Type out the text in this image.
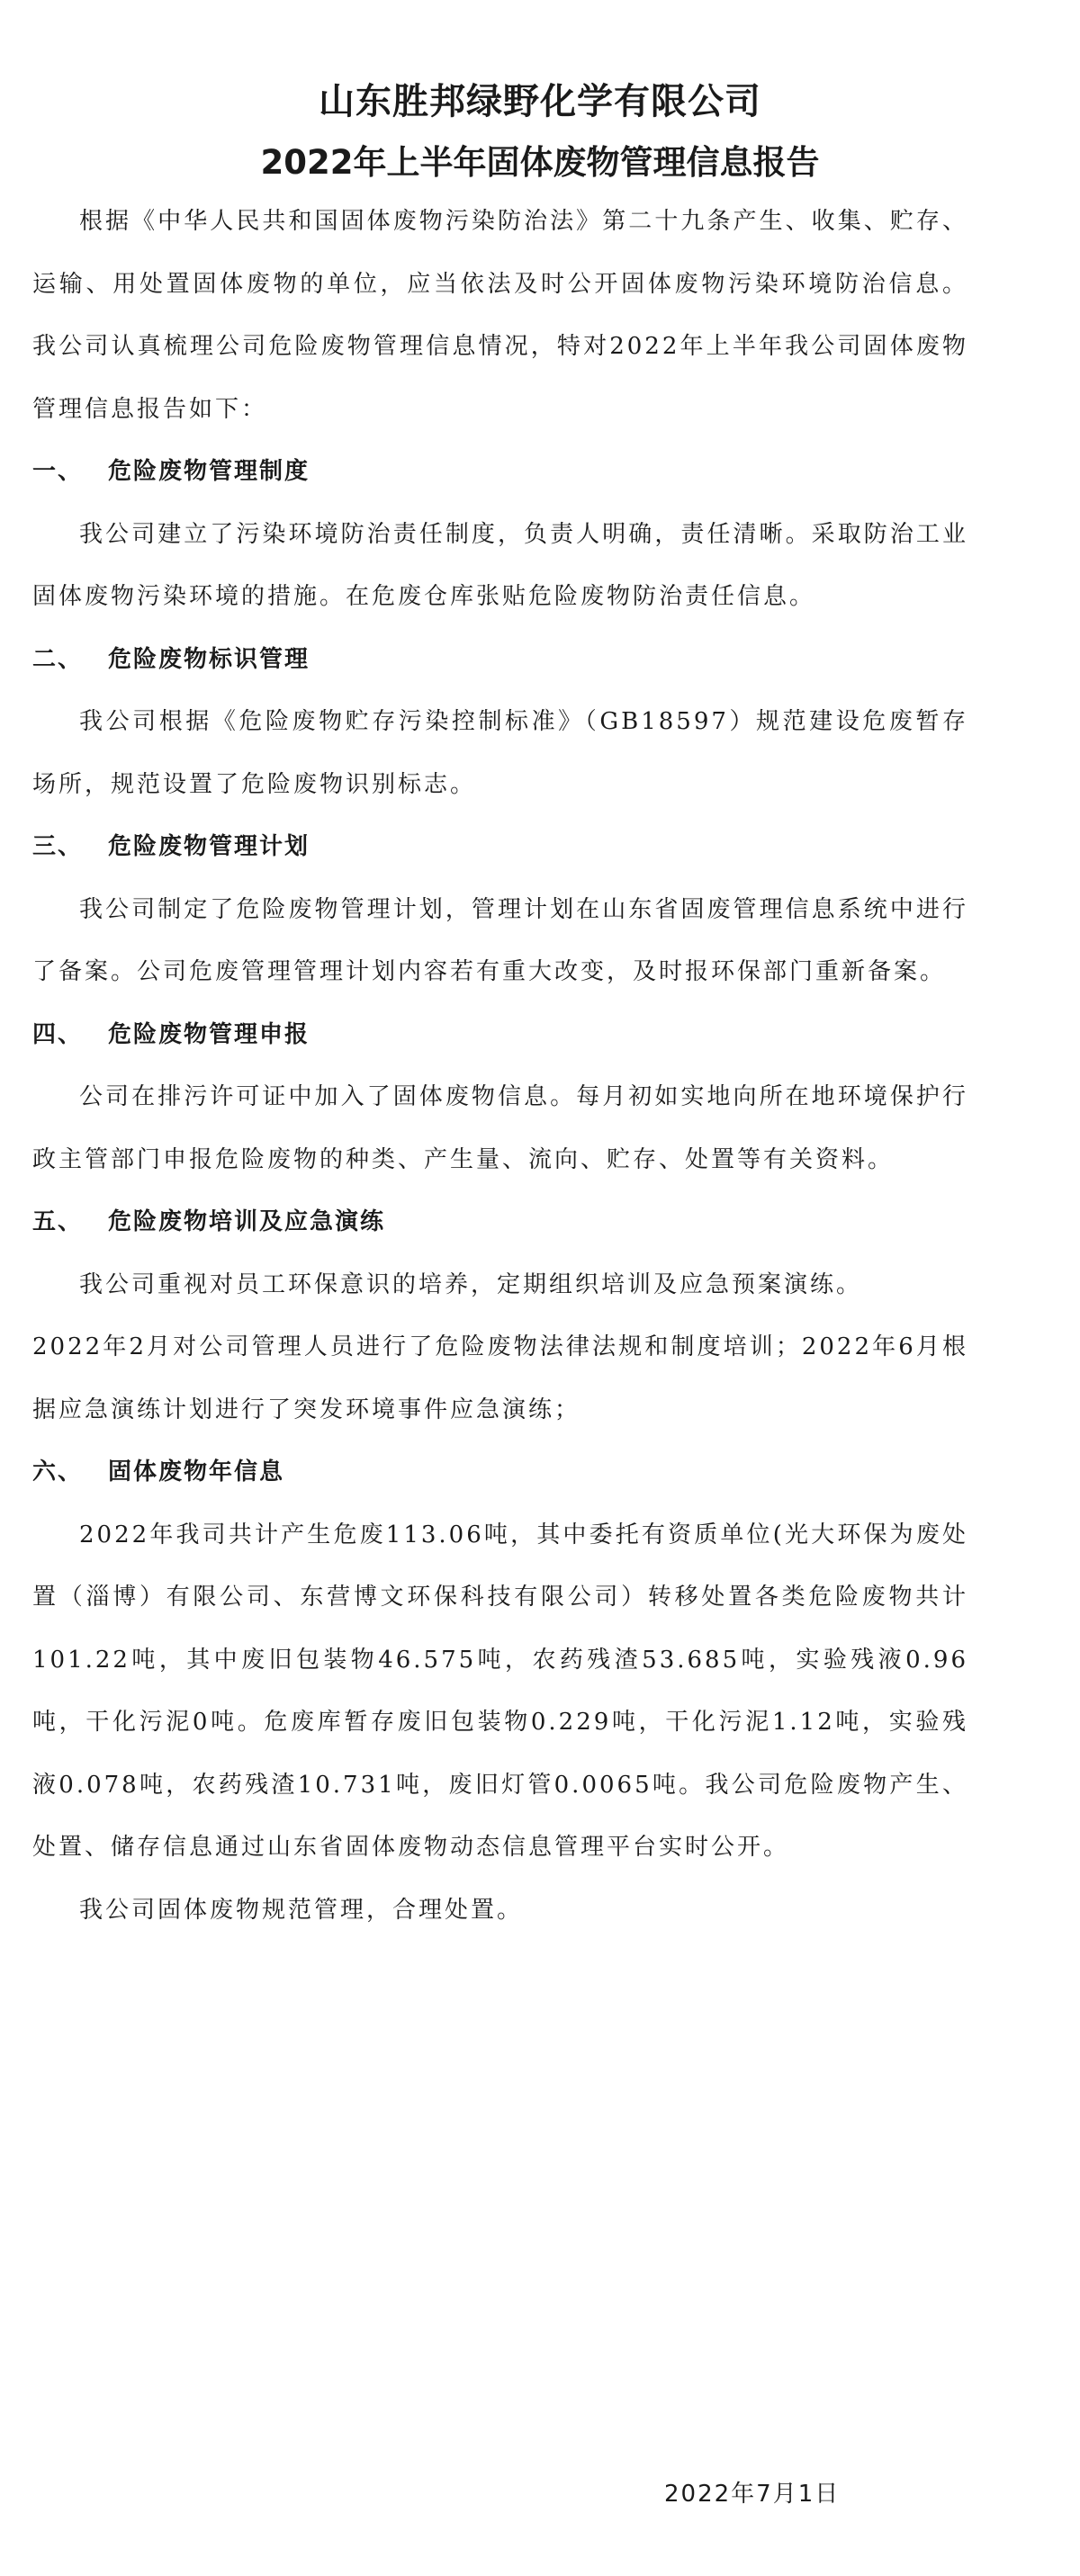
山东胜邦绿野化学有限公司
2022年上半年固体废物管理信息报告

根据《中华人民共和国固体废物污染防治法》第二十九条产生、收集、贮存、运输、用处置固体废物的单位，应当依法及时公开固体废物污染环境防治信息。我公司认真梳理公司危险废物管理信息情况，特对2022年上半年我公司固体废物管理信息报告如下：

一、 危险废物管理制度

我公司建立了污染环境防治责任制度，负责人明确，责任清晰。采取防治工业固体废物污染环境的措施。在危废仓库张贴危险废物防治责任信息。

二、 危险废物标识管理

我公司根据《危险废物贮存污染控制标准》（GB18597）规范建设危废暂存场所，规范设置了危险废物识别标志。

三、 危险废物管理计划

我公司制定了危险废物管理计划，管理计划在山东省固废管理信息系统中进行了备案。公司危废管理管理计划内容若有重大改变，及时报环保部门重新备案。

四、 危险废物管理申报

公司在排污许可证中加入了固体废物信息。每月初如实地向所在地环境保护行政主管部门申报危险废物的种类、产生量、流向、贮存、处置等有关资料。

五、 危险废物培训及应急演练

我公司重视对员工环保意识的培养，定期组织培训及应急预案演练。

2022年2月对公司管理人员进行了危险废物法律法规和制度培训；2022年6月根据应急演练计划进行了突发环境事件应急演练；

六、 固体废物年信息

2022年我司共计产生危废113.06吨，其中委托有资质单位(光大环保为废处置（淄博）有限公司、东营博文环保科技有限公司）转移处置各类危险废物共计101.22吨，其中废旧包装物46.575吨，农药残渣53.685吨，实验残液0.96吨，干化污泥0吨。危废库暂存废旧包装物0.229吨，干化污泥1.12吨，实验残液0.078吨，农药残渣10.731吨，废旧灯管0.0065吨。我公司危险废物产生、处置、储存信息通过山东省固体废物动态信息管理平台实时公开。

我公司固体废物规范管理，合理处置。

2022年7月1日
